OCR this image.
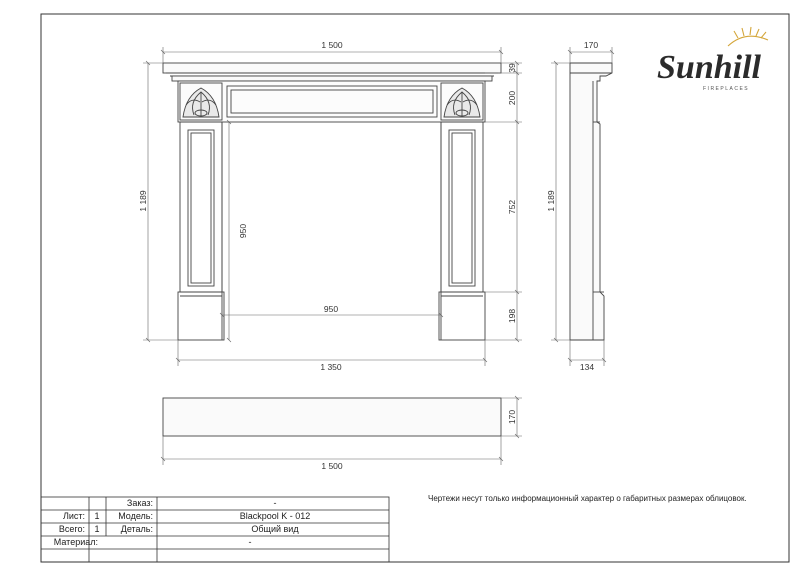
1 500
39
200
752
198
1 189
950
950
1 350
170
1 189
134
170
1 500
Sunhill
FIREPLACES
Заказ:	-
Лист: 1 Модель:	Blackpool K - 012
Всего: 1 Деталь:	Общий вид
Материал:	-
Чертежи несут только информационный характер о габаритных размерах облицовок.
